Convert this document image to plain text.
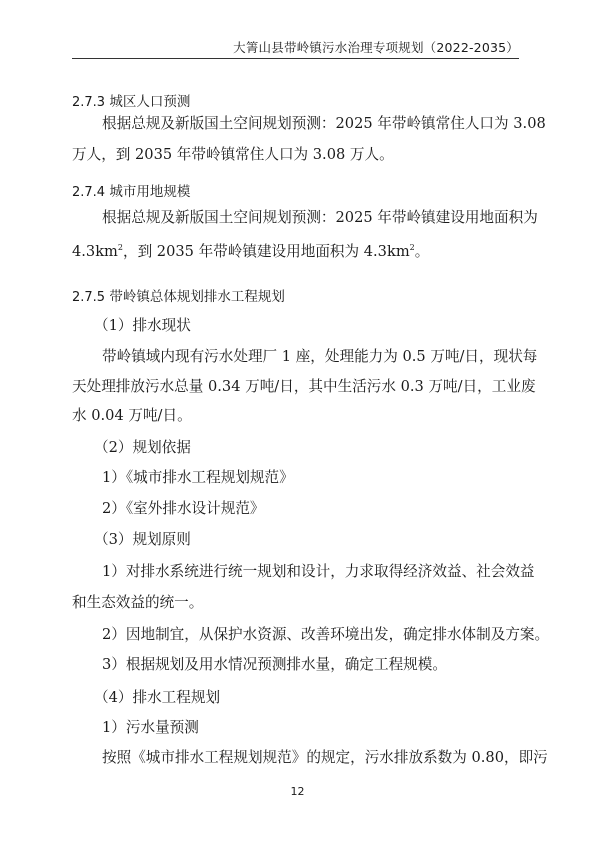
大箐山县带岭镇污水治理专项规划（2022-2035）
2.7.3 城区人口预测
根据总规及新版国土空间规划预测：2025 年带岭镇常住人口为 3.08
万人，到 2035 年带岭镇常住人口为 3.08 万人。
2.7.4 城市用地规模
根据总规及新版国土空间规划预测：2025 年带岭镇建设用地面积为
$4.3km^2$，到 2035 年带岭镇建设用地面积为 $4.3km^2$。
2.7.5 带岭镇总体规划排水工程规划
（1）排水现状
带岭镇域内现有污水处理厂 1 座，处理能力为 0.5 万吨/日，现状每
天处理排放污水总量 0.34 万吨/日，其中生活污水 0.3 万吨/日，工业废
水 0.04 万吨/日。
（2）规划依据
1）《城市排水工程规划规范》
2）《室外排水设计规范》
（3）规划原则
1）对排水系统进行统一规划和设计，力求取得经济效益、社会效益
和生态效益的统一。
2）因地制宜，从保护水资源、改善环境出发，确定排水体制及方案。
3）根据规划及用水情况预测排水量，确定工程规模。
（4）排水工程规划
1）污水量预测
按照《城市排水工程规划规范》的规定，污水排放系数为 0.80，即污
12
